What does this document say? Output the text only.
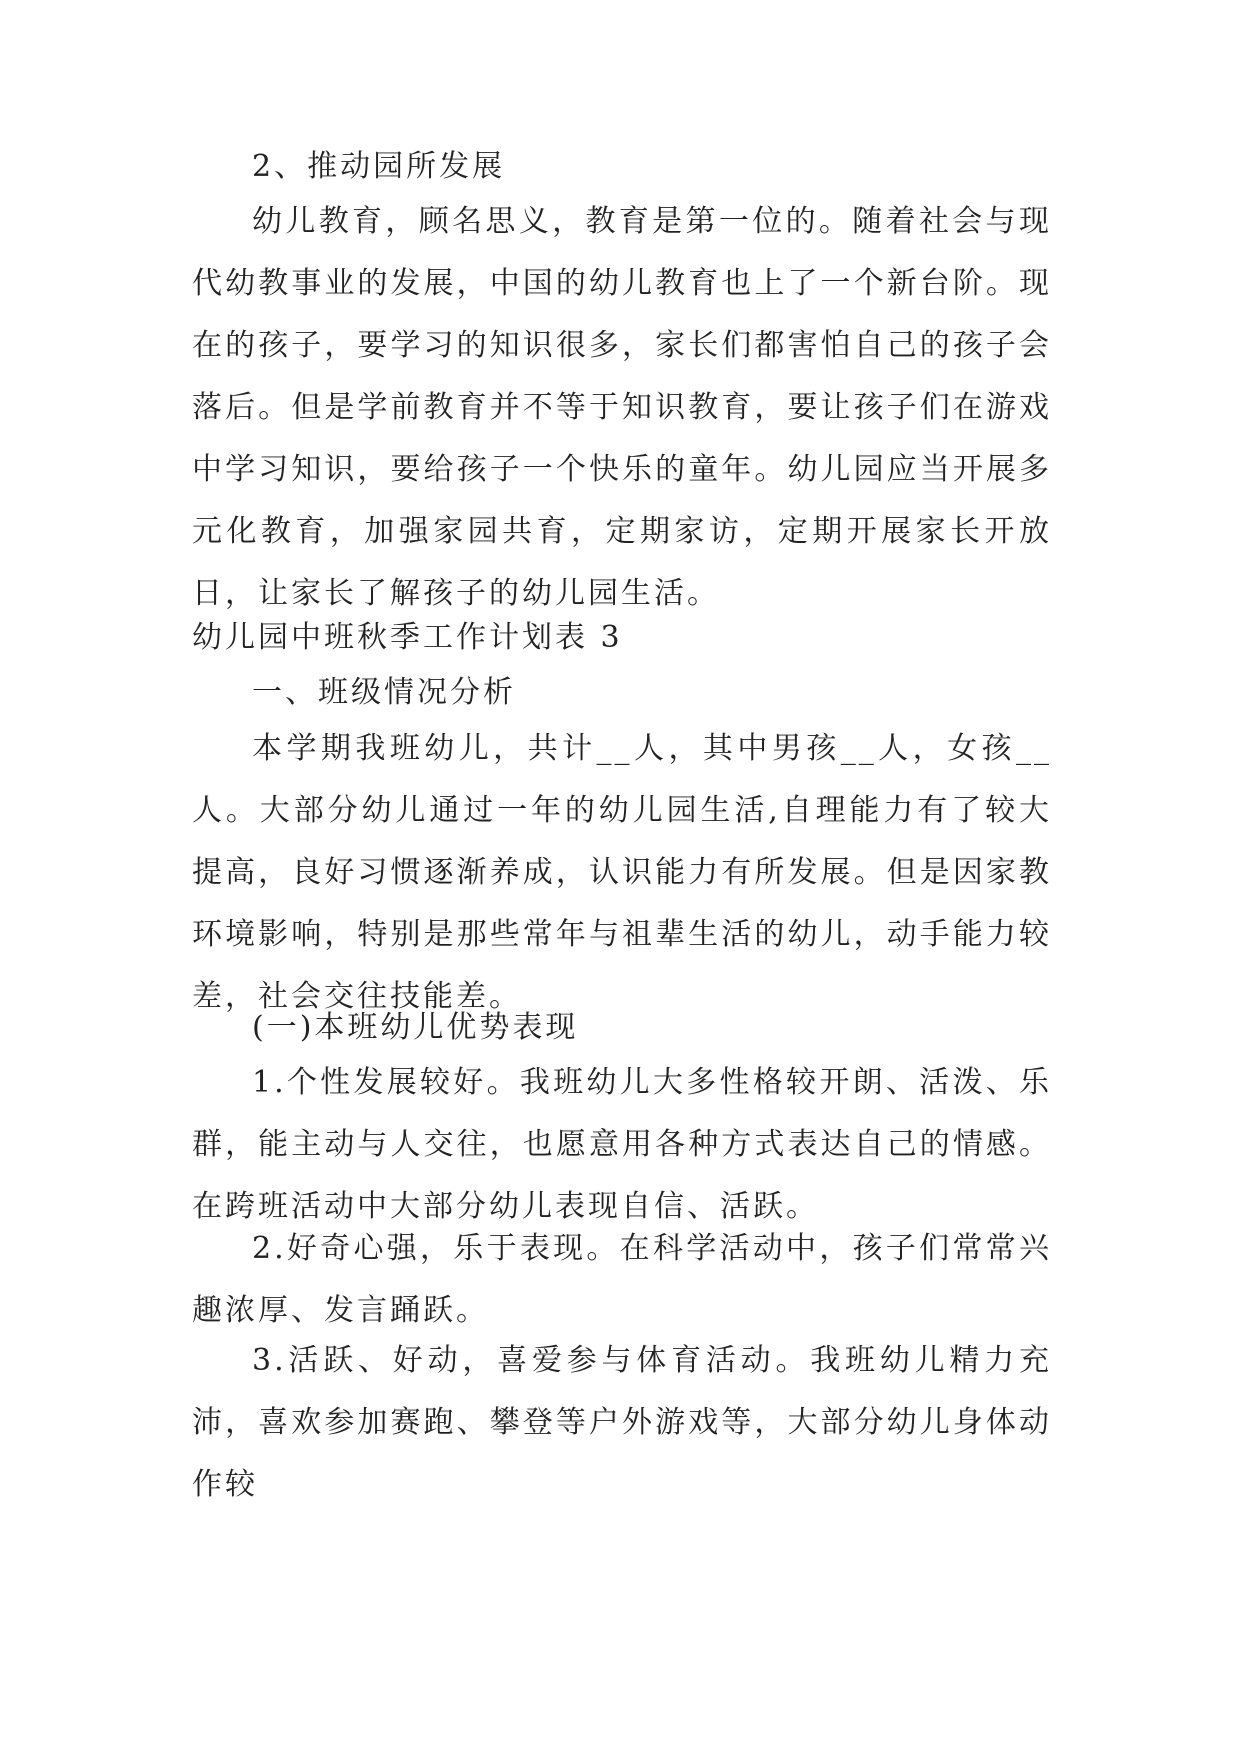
2、推动园所发展
幼儿教育，顾名思义，教育是第一位的。随着社会与现代幼教事业的发展，中国的幼儿教育也上了一个新台阶。现在的孩子，要学习的知识很多，家长们都害怕自己的孩子会落后。但是学前教育并不等于知识教育，要让孩子们在游戏中学习知识，要给孩子一个快乐的童年。幼儿园应当开展多元化教育，加强家园共育，定期家访，定期开展家长开放日，让家长了解孩子的幼儿园生活。
幼儿园中班秋季工作计划表 3
一、班级情况分析
本学期我班幼儿，共计__人，其中男孩__人，女孩__人。大部分幼儿通过一年的幼儿园生活,自理能力有了较大提高，良好习惯逐渐养成，认识能力有所发展。但是因家教环境影响，特别是那些常年与祖辈生活的幼儿，动手能力较差，社会交往技能差。
(一)本班幼儿优势表现
1.个性发展较好。我班幼儿大多性格较开朗、活泼、乐群，能主动与人交往，也愿意用各种方式表达自己的情感。在跨班活动中大部分幼儿表现自信、活跃。
2.好奇心强，乐于表现。在科学活动中，孩子们常常兴趣浓厚、发言踊跃。
3.活跃、好动，喜爱参与体育活动。我班幼儿精力充沛，喜欢参加赛跑、攀登等户外游戏等，大部分幼儿身体动作较
